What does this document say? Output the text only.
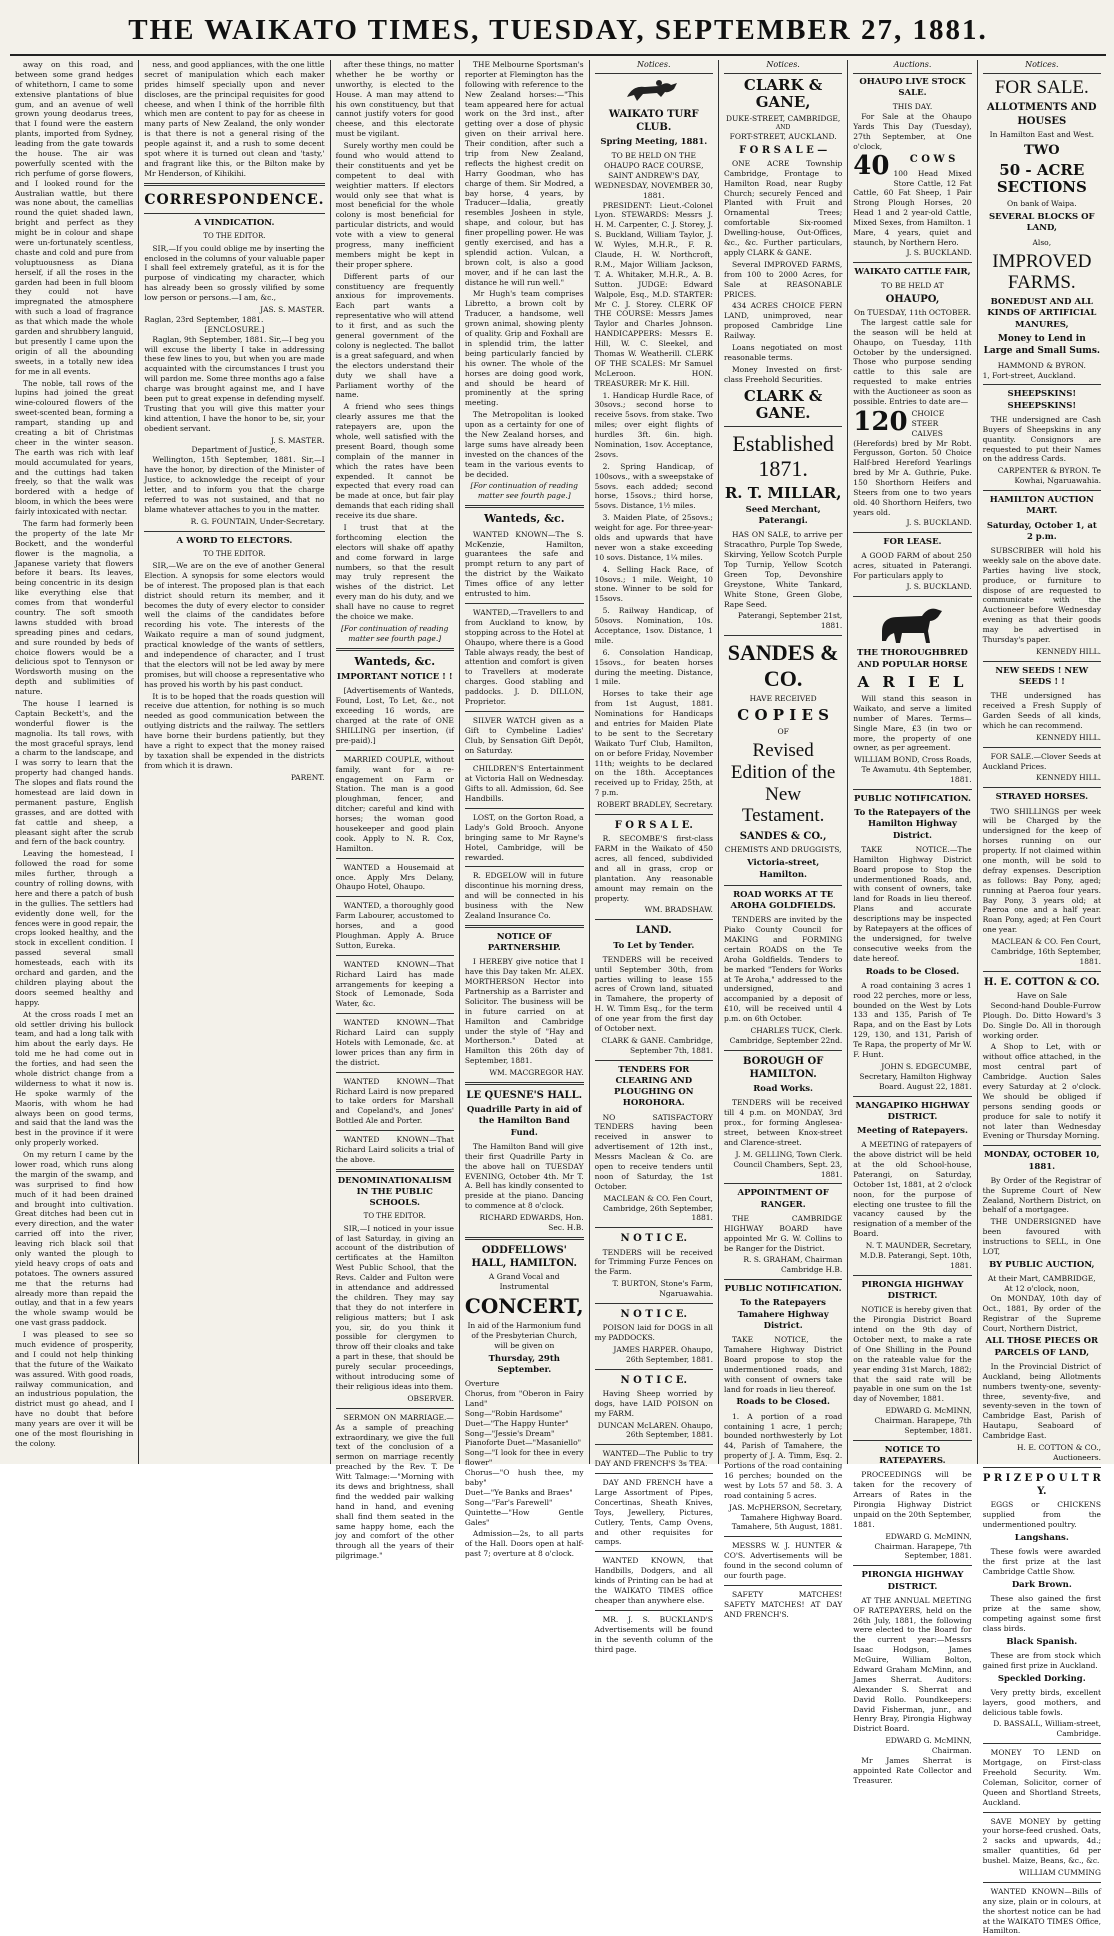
THE WAIKATO TIMES, TUESDAY, SEPTEMBER 27, 1881.

away on this road, and between some grand hedges of whitethorn, I came to some extensive plantations of blue gum, and an avenue of well grown young deodarus trees, that I found were the eastern plants, imported from Sydney, leading from the gate towards the house. The air was powerfully scented with the rich perfume of gorse flowers, and I looked round for the Australian wattle, but there was none about, the camellias round the quiet shaded lawn, bright and perfect as they might be in colour and shape were un-fortunately scentless, chaste and cold and pure from voluptuousness as Diana herself, if all the roses in the garden had been in full bloom they could not have impregnated the atmosphere with such a load of fragrance as that which made the whole garden and shrubbery languid, but presently I came upon the origin of all the abounding sweets, in a totally new idea for me in all events.

The noble, tall rows of the lupins had joined the great wine-coloured flowers of the sweet-scented bean, forming a rampart, standing up and creating a bit of Christmas cheer in the winter season. The earth was rich with leaf mould accumulated for years, and the cuttings had taken freely, so that the walk was bordered with a hedge of bloom, in which the bees were fairly intoxicated with nectar.

The farm had formerly been the property of the late Mr Bockett, and the wonderful flower is the magnolia, a Japanese variety that flowers before it bears. Its leaves, being concentric in its design like everything else that comes from that wonderful country. The soft smooth lawns studded with broad spreading pines and cedars, and sure rounded by beds of choice flowers would be a delicious spot to Tennyson or Wordsworth musing on the depth and sublimities of nature.

The house I learned is Captain Beckett's, and the wonderful flower is the magnolia. Its tall rows, with the most graceful sprays, lend a charm to the landscape, and I was sorry to learn that the property had changed hands. The slopes and flats round the homestead are laid down in permanent pasture, English grasses, and are dotted with fat cattle and sheep, a pleasant sight after the scrub and fern of the back country.

Leaving the homestead, I followed the road for some miles further, through a country of rolling downs, with here and there a patch of bush in the gullies. The settlers had evidently done well, for the fences were in good repair, the crops looked healthy, and the stock in excellent condition. I passed several small homesteads, each with its orchard and garden, and the children playing about the doors seemed healthy and happy.

At the cross roads I met an old settler driving his bullock team, and had a long talk with him about the early days. He told me he had come out in the forties, and had seen the whole district change from a wilderness to what it now is. He spoke warmly of the Maoris, with whom he had always been on good terms, and said that the land was the best in the province if it were only properly worked.

On my return I came by the lower road, which runs along the margin of the swamp, and was surprised to find how much of it had been drained and brought into cultivation. Great ditches had been cut in every direction, and the water carried off into the river, leaving rich black soil that only wanted the plough to yield heavy crops of oats and potatoes. The owners assured me that the returns had already more than repaid the outlay, and that in a few years the whole swamp would be one vast grass paddock.

I was pleased to see so much evidence of prosperity, and I could not help thinking that the future of the Waikato was assured. With good roads, railway communication, and an industrious population, the district must go ahead, and I have no doubt that before many years are over it will be one of the most flourishing in the colony.

ness, and good appliances, with the one little secret of manipulation which each maker prides himself specially upon and never discloses, are the principal requisites for good cheese, and when I think of the horrible filth which men are content to pay for as cheese in many parts of New Zealand, the only wonder is that there is not a general rising of the people against it, and a rush to some decent spot where it is turned out clean and 'tasty,' and fragrant like this, or the Bilton make by Mr Henderson, of Kihikihi.

CORRESPONDENCE.
A VINDICATION.
TO THE EDITOR.

SIR,—If you could oblige me by inserting the enclosed in the columns of your valuable paper I shall feel extremely grateful, as it is for the purpose of vindicating my character, which has already been so grossly vilified by some low person or persons.—I am, &c.,

JAS. S. MASTER.
Raglan, 23rd September, 1881.
[ENCLOSURE.]

Raglan, 9th September, 1881. Sir,—I beg you will excuse the liberty I take in addressing these few lines to you, but when you are made acquainted with the circumstances I trust you will pardon me. Some three months ago a false charge was brought against me, and I have been put to great expense in defending myself. Trusting that you will give this matter your kind attention, I have the honor to be, sir, your obedient servant.

J. S. MASTER.
Department of Justice,

Wellington, 15th September, 1881. Sir,—I have the honor, by direction of the Minister of Justice, to acknowledge the receipt of your letter, and to inform you that the charge referred to was not sustained, and that no blame whatever attaches to you in the matter.

R. G. FOUNTAIN, Under-Secretary.
A WORD TO ELECTORS.
TO THE EDITOR.

SIR,—We are on the eve of another General Election. A synopsis for some electors would be of interest. The proposed plan is that each district should return its member, and it becomes the duty of every elector to consider well the claims of the candidates before recording his vote. The interests of the Waikato require a man of sound judgment, practical knowledge of the wants of settlers, and independence of character, and I trust that the electors will not be led away by mere promises, but will choose a representative who has proved his worth by his past conduct.

It is to be hoped that the roads question will receive due attention, for nothing is so much needed as good communication between the outlying districts and the railway. The settlers have borne their burdens patiently, but they have a right to expect that the money raised by taxation shall be expended in the districts from which it is drawn.

PARENT.

after these things, no matter whether he be worthy or unworthy, is elected to the House. A man may attend to his own constituency, but that cannot justify voters for good cheese, and this electorate must be vigilant.

Surely worthy men could be found who would attend to their constituents and yet be competent to deal with weightier matters. If electors would only see that what is most beneficial for the whole colony is most beneficial for particular districts, and would vote with a view to general progress, many inefficient members might be kept in their proper sphere.

Different parts of our constituency are frequently anxious for improvements. Each part wants a representative who will attend to it first, and as such the general government of the colony is neglected. The ballot is a great safeguard, and when the electors understand their duty we shall have a Parliament worthy of the name.

A friend who sees things clearly assures me that the ratepayers are, upon the whole, well satisfied with the present Board, though some complain of the manner in which the rates have been expended. It cannot be expected that every road can be made at once, but fair play demands that each riding shall receive its due share.

I trust that at the forthcoming election the electors will shake off apathy and come forward in large numbers, so that the result may truly represent the wishes of the district. Let every man do his duty, and we shall have no cause to regret the choice we make.

[For continuation of reading matter see fourth page.]
Wanteds, &c.
IMPORTANT NOTICE ! !

[Advertisements of Wanteds, Found, Lost, To Let, &c., not exceeding 16 words, are charged at the rate of ONE SHILLING per insertion, (if pre-paid).]

MARRIED COUPLE, without family, want for a re-engagement on Farm or Station. The man is a good ploughman, fencer, and ditcher; careful and kind with horses; the woman good housekeeper and good plain cook. Apply to N. R. Cox, Hamilton.

WANTED a Housemaid at once. Apply Mrs Delany, Ohaupo Hotel, Ohaupo.

WANTED, a thoroughly good Farm Labourer, accustomed to horses, and a good Ploughman. Apply A. Bruce Sutton, Eureka.

WANTED KNOWN—That Richard Laird has made arrangements for keeping a Stock of Lemonade, Soda Water, &c.

WANTED KNOWN—That Richard Laird can supply Hotels with Lemonade, &c. at lower prices than any firm in the district.

WANTED KNOWN—That Richard Laird is now prepared to take orders for Marshall and Copeland's, and Jones' Bottled Ale and Porter.

WANTED KNOWN—That Richard Laird solicits a trial of the above.

DENOMINATIONALISM IN THE PUBLIC SCHOOLS.
TO THE EDITOR.

SIR,—I noticed in your issue of last Saturday, in giving an account of the distribution of certificates at the Hamilton West Public School, that the Revs. Calder and Fulton were in attendance and addressed the children. They may say that they do not interfere in religious matters; but I ask you, sir, do you think it possible for clergymen to throw off their cloaks and take a part in these, that should be purely secular proceedings, without introducing some of their religious ideas into them.

OBSERVER.

SERMON ON MARRIAGE.—As a sample of preaching extraordinary, we give the full text of the conclusion of a sermon on marriage recently preached by the Rev. T. De Witt Talmage:—"Morning with its dews and brightness, shall find the wedded pair walking hand in hand, and evening shall find them seated in the same happy home, each the joy and comfort of the other through all the years of their pilgrimage."

THE Melbourne Sportsman's reporter at Flemington has the following with reference to the New Zealand horses:—"This team appeared here for actual work on the 3rd inst., after getting over a dose of physic given on their arrival here. Their condition, after such a trip from New Zealand, reflects the highest credit on Harry Goodman, who has charge of them. Sir Modred, a bay horse, 4 years, by Traducer—Idalia, greatly resembles Josheen in style, shape, and colour, but has finer propelling power. He was gently exercised, and has a splendid action. Vulcan, a brown colt, is also a good mover, and if he can last the distance he will run well."

Mr Hugh's team comprises Libretto, a brown colt by Traducer, a handsome, well grown animal, showing plenty of quality. Grip and Foxhall are in splendid trim, the latter being particularly fancied by his owner. The whole of the horses are doing good work, and should be heard of prominently at the spring meeting.

The Metropolitan is looked upon as a certainty for one of the New Zealand horses, and large sums have already been invested on the chances of the team in the various events to be decided.

[For continuation of reading matter see fourth page.]
Wanteds, &c.

WANTED KNOWN—The S. McKenzie, Hamilton, guarantees the safe and prompt return to any part of the district by the Waikato Times office of any letter entrusted to him.

WANTED,—Travellers to and from Auckland to know, by stopping across to the Hotel at Ohaupo, where there is a Good Table always ready, the best of attention and comfort is given to Travellers at moderate charges. Good stabling and paddocks. J. D. DILLON, Proprietor.

SILVER WATCH given as a Gift to Cymbeline Ladies' Club, by Sensation Gift Depôt, on Saturday.

CHILDREN'S Entertainment at Victoria Hall on Wednesday. Gifts to all. Admission, 6d. See Handbills.

LOST, on the Gorton Road, a Lady's Gold Brooch. Anyone bringing same to Mr Rayne's Hotel, Cambridge, will be rewarded.

R. EDGELOW will in future discontinue his morning dress, and will be connected in his business with the New Zealand Insurance Co.

NOTICE OF PARTNERSHIP.

I HEREBY give notice that I have this Day taken Mr. ALEX. MORTHERSON Hector into Partnership as a Barrister and Solicitor. The business will be in future carried on at Hamilton and Cambridge under the style of "Hay and Mortherson." Dated at Hamilton this 26th day of September, 1881.

WM. MACGREGOR HAY.
LE QUESNE'S HALL.
Quadrille Party in aid of the Hamilton Band Fund.

The Hamilton Band will give their first Quadrille Party in the above hall on TUESDAY EVENING, October 4th. Mr T. A. Bell has kindly consented to preside at the piano. Dancing to commence at 8 o'clock.

RICHARD EDWARDS, Hon. Sec. H.B.
ODDFELLOWS' HALL, HAMILTON.
A Grand Vocal and Instrumental
CONCERT,
In aid of the Harmonium fund of the Presbyterian Church, will be given on
Thursday, 29th September.
Overture
Chorus, from "Oberon in Fairy Land"
Song—"Robin Hardsome"
Duet—"The Happy Hunter"
Song—"Jessie's Dream"
Pianoforte Duet—"Masaniello"
Song—"I look for thee in every flower"
Chorus—"O hush thee, my baby"
Duet—"Ye Banks and Braes"
Song—"Far's Farewell"
Quintette—"How Gentle Gales"

Admission—2s, to all parts of the Hall. Doors open at half-past 7; overture at 8 o'clock.

Notices.
WAIKATO TURF CLUB.
Spring Meeting, 1881.
TO BE HELD ON THE OHAUPO RACE COURSE,
SAINT ANDREW'S DAY, WEDNESDAY, NOVEMBER 30, 1881.

PRESIDENT: Lieut.-Colonel Lyon. STEWARDS: Messrs J. H. M. Carpenter, C. J. Storey, J. S. Buckland, William Taylor, J. W. Wyles, M.H.R., F. R. Claude, H. W. Northcroft, R.M., Major William Jackson, T. A. Whitaker, M.H.R., A. B. Sutton. JUDGE: Edward Walpole, Esq., M.D. STARTER: Mr C. J. Storey. CLERK OF THE COURSE: Messrs James Taylor and Charles Johnson. HANDICAPPERS: Messrs E. Hill, W. C. Sleekel, and Thomas W. Weatherill. CLERK OF THE SCALES: Mr Samuel McLeroon. HON. TREASURER: Mr K. Hill.

1. Handicap Hurdle Race, of 30sovs.; second horse to receive 5sovs. from stake. Two miles; over eight flights of hurdles 3ft. 6in. high. Nomination, 1sov. Acceptance, 2sovs.

2. Spring Handicap, of 100sovs., with a sweepstake of 5sovs. each added; second horse, 15sovs.; third horse, 5sovs. Distance, 1½ miles.

3. Maiden Plate, of 25sovs.; weight for age. For three-year-olds and upwards that have never won a stake exceeding 10 sovs. Distance, 1¼ miles.

4. Selling Hack Race, of 10sovs.; 1 mile. Weight, 10 stone. Winner to be sold for 15sovs.

5. Railway Handicap, of 50sovs. Nomination, 10s. Acceptance, 1sov. Distance, 1 mile.

6. Consolation Handicap, 15sovs., for beaten horses during the meeting. Distance, 1 mile.

Horses to take their age from 1st August, 1881. Nominations for Handicaps and entries for Maiden Plate to be sent to the Secretary Waikato Turf Club, Hamilton, on or before Friday, November 11th; weights to be declared on the 18th. Acceptances received up to Friday, 25th, at 7 p.m.

ROBERT BRADLEY, Secretary.
F O R S A L E.

R. SECOMBE'S first-class FARM in the Waikato of 450 acres, all fenced, subdivided and all in grass, crop or plantation. Any reasonable amount may remain on the property.

WM. BRADSHAW.
LAND.
To Let by Tender.

TENDERS will be received until September 30th, from parties willing to lease 155 acres of Crown land, situated in Tamahere, the property of H. W. Timm Esq., for the term of one year from the first day of October next.

CLARK & GANE. Cambridge, September 7th, 1881.
TENDERS FOR CLEARING AND PLOUGHING ON HOROHORA.

NO SATISFACTORY TENDERS having been received in answer to advertisement of 12th inst., Messrs Maclean & Co. are open to receive tenders until noon of Saturday, the 1st October.

MACLEAN & CO. Fen Court, Cambridge, 26th September, 1881.
N O T I C E.

TENDERS will be received for Trimming Furze Fences on the Farm.

T. BURTON, Stone's Farm, Ngaruawahia.
N O T I C E.

POISON laid for DOGS in all my PADDOCKS.

JAMES HARPER. Ohaupo, 26th September, 1881.
N O T I C E.

Having Sheep worried by dogs, have LAID POISON on my FARM.

DUNCAN McLAREN. Ohaupo, 26th September, 1881.

WANTED—The Public to try DAY AND FRENCH'S 3s TEA.

DAY AND FRENCH have a Large Assortment of Pipes, Concertinas, Sheath Knives, Toys, Jewellery, Pictures, Cutlery, Tents, Camp Ovens, and other requisites for camps.

WANTED KNOWN, that Handbills, Dodgers, and all kinds of Printing can be had at the WAIKATO TIMES office cheaper than anywhere else.

MR. J. S. BUCKLAND'S Advertisements will be found in the seventh column of the third page.

Notices.
CLARK & GANE,
DUKE-STREET, CAMBRIDGE,
AND
FORT-STREET, AUCKLAND.
F O R S A L E —

ONE ACRE Township Cambridge, Frontage to Hamilton Road, near Rugby Church; securely Fenced and Planted with Fruit and Ornamental Trees; comfortable Six-roomed Dwelling-house, Out-Offices, &c., &c. Further particulars, apply CLARK & GANE.

Several IMPROVED FARMS, from 100 to 2000 Acres, for Sale at REASONABLE PRICES.

434 ACRES CHOICE FERN LAND, unimproved, near proposed Cambridge Line Railway.

Loans negotiated on most reasonable terms.

Money Invested on first-class Freehold Securities.

CLARK & GANE.
Established 1871.
R. T. MILLAR,
Seed Merchant, Paterangi.

HAS ON SALE, to arrive per Stracathro, Purple Top Swede, Skirving, Yellow Scotch Purple Top Turnip, Yellow Scotch Green Top, Devonshire Greystone, White Tankard, White Stone, Green Globe, Rape Seed.

Paterangi, September 21st, 1881.
SANDES & CO.
HAVE RECEIVED
C O P I E S
OF
Revised Edition of the New Testament.
SANDES & CO.,
CHEMISTS AND DRUGGISTS,
Victoria-street, Hamilton.
ROAD WORKS AT TE AROHA GOLDFIELDS.

TENDERS are invited by the Piako County Council for MAKING and FORMING certain ROADS on the Te Aroha Goldfields. Tenders to be marked "Tenders for Works at Te Aroha," addressed to the undersigned, and accompanied by a deposit of £10, will be received until 4 p.m. on 6th October.

CHARLES TUCK, Clerk. Cambridge, September 22nd.
BOROUGH OF HAMILTON.
Road Works.

TENDERS will be received till 4 p.m. on MONDAY, 3rd prox., for forming Anglesea-street, between Knox-street and Clarence-street.

J. M. GELLING, Town Clerk. Council Chambers, Sept. 23, 1881.
APPOINTMENT OF RANGER.

THE CAMBRIDGE HIGHWAY BOARD have appointed Mr G. W. Collins to be Ranger for the District.

R. S. GRAHAM, Chairman Cambridge H.B.
PUBLIC NOTIFICATION.
To the Ratepayers Tamahere Highway District.

TAKE NOTICE, the Tamahere Highway District Board propose to stop the undermentioned roads, and with consent of owners take land for roads in lieu thereof.

Roads to be Closed.

1. A portion of a road containing 1 acre, 1 perch; bounded northwesterly by Lot 44, Parish of Tamahere, the property of J. A. Timm, Esq. 2. Portions of the road containing 16 perches; bounded on the west by Lots 57 and 58. 3. A road containing 5 acres.

JAS. McPHERSON, Secretary, Tamahere Highway Board. Tamahere, 5th August, 1881.

MESSRS W. J. HUNTER & CO'S. Advertisements will be found in the second column of our fourth page.

SAFETY MATCHES! SAFETY MATCHES! AT DAY AND FRENCH'S.

Auctions.
OHAUPO LIVE STOCK SALE.
THIS DAY.

For Sale at the Ohaupo Yards This Day (Tuesday), 27th September, at One o'clock,

40	C O W S
100 Head Mixed Store Cattle, 12 Fat Cattle, 60 Fat Sheep, 1 Pair Strong Plough Horses, 20 Head 1 and 2 year-old Cattle, Mixed Sexes, from Hamilton. 1 Mare, 4 years, quiet and staunch, by Northern Hero.
J. S. BUCKLAND.
WAIKATO CATTLE FAIR,
TO BE HELD AT
OHAUPO,
On TUESDAY, 11th OCTOBER.

The largest cattle sale for the season will be held at Ohaupo, on Tuesday, 11th October by the undersigned. Those who purpose sending cattle to this sale are requested to make entries with the Auctioneer as soon as possible. Entries to date are—

120 CHOICE STEER CALVES (Herefords) bred by Mr Robt. Fergusson, Gorton. 50 Choice Half-bred Hereford Yearlings bred by Mr A. Guthrie, Puke. 150 Shorthorn Heifers and Steers from one to two years old. 40 Shorthorn Heifers, two years old.
J. S. BUCKLAND.
FOR LEASE.

A GOOD FARM of about 250 acres, situated in Paterangi. For particulars apply to

J. S. BUCKLAND.
THE THOROUGHBRED AND POPULAR HORSE
A R I E L

Will stand this season in Waikato, and serve a limited number of Mares. Terms—Single Mare, £3 (in two or more, the property of one owner, as per agreement.

WILLIAM BOND, Cross Roads, Te Awamutu. 4th September, 1881.
PUBLIC NOTIFICATION.
To the Ratepayers of the Hamilton Highway District.

TAKE NOTICE.—The Hamilton Highway District Board propose to Stop the undermentioned Roads, and, with consent of owners, take land for Roads in lieu thereof. Plans and accurate descriptions may be inspected by Ratepayers at the offices of the undersigned, for twelve consecutive weeks from the date hereof.

Roads to be Closed.

A road containing 3 acres 1 rood 22 perches, more or less, bounded on the West by Lots 133 and 135, Parish of Te Rapa, and on the East by Lots 129, 130, and 131, Parish of Te Rapa, the property of Mr W. F. Hunt.

JOHN S. EDGECUMBE, Secretary, Hamilton Highway Board. August 22, 1881.
MANGAPIKO HIGHWAY DISTRICT.
Meeting of Ratepayers.

A MEETING of ratepayers of the above district will be held at the old School-house, Paterangi, on Saturday, October 1st, 1881, at 2 o'clock noon, for the purpose of electing one trustee to fill the vacancy caused by the resignation of a member of the Board.

N. T. MAUNDER, Secretary, M.D.B. Paterangi, Sept. 10th, 1881.
PIRONGIA HIGHWAY DISTRICT.

NOTICE is hereby given that the Pirongia District Board intend on the 9th day of October next, to make a rate of One Shilling in the Pound on the rateable value for the year ending 31st March, 1882; that the said rate will be payable in one sum on the 1st day of November, 1881.

EDWARD G. McMINN, Chairman. Harapepe, 7th September, 1881.
NOTICE TO RATEPAYERS.

PROCEEDINGS will be taken for the recovery of Arrears of Rates in the Pirongia Highway District unpaid on the 20th September, 1881.

EDWARD G. McMINN, Chairman. Harapepe, 7th September, 1881.
PIRONGIA HIGHWAY DISTRICT.

AT THE ANNUAL MEETING OF RATEPAYERS, held on the 26th July, 1881, the following were elected to the Board for the current year:—Messrs Isaac Hodgson, James McGuire, William Bolton, Edward Graham McMinn, and James Sherrat. Auditors: Alexander S. Sherrat and David Rollo. Poundkeepers: David Fisherman, junr., and Henry Bray, Pirongia Highway District Board.

EDWARD G. McMINN, Chairman.

Mr James Sherrat is appointed Rate Collector and Treasurer.

Notices.
FOR SALE.
ALLOTMENTS AND HOUSES
In Hamilton East and West.
TWO
50 - ACRE SECTIONS
On bank of Waipa.
SEVERAL BLOCKS OF LAND,
Also,
IMPROVED FARMS.
BONEDUST AND ALL KINDS OF ARTIFICIAL MANURES,
Money to Lend in Large and Small Sums.
HAMMOND & BYRON.
1, Fort-street, Auckland.
SHEEPSKINS! SHEEPSKINS!

THE undersigned are Cash Buyers of Sheepskins in any quantity. Consignors are requested to put their Names on the address Cards.

CARPENTER & BYRON. Te Kowhai, Ngaruawahia.
HAMILTON AUCTION MART.
Saturday, October 1, at 2 p.m.

SUBSCRIBER will hold his weekly sale on the above date. Parties having live stock, produce, or furniture to dispose of are requested to communicate with the Auctioneer before Wednesday evening as that their goods may be advertised in Thursday's paper.

KENNEDY HILL.
NEW SEEDS ! NEW SEEDS ! !

THE undersigned has received a Fresh Supply of Garden Seeds of all kinds, which he can recommend.

KENNEDY HILL.

FOR SALE.—Clover Seeds at Auckland Prices.

KENNEDY HILL.
STRAYED HORSES.

TWO SHILLINGS per week will be Charged by the undersigned for the keep of horses running on our property. If not claimed within one month, will be sold to defray expenses. Description as follows: Bay Pony, aged; running at Paeroa four years. Bay Pony, 3 years old; at Paeroa one and a half year. Roan Pony, aged; at Fen Court one year.

MACLEAN & CO. Fen Court, Cambridge, 16th September, 1881.
H. E. COTTON & CO.
Have on Sale

Second-hand Double-Furrow Plough. Do. Ditto Howard's 3 Do. Single Do. All in thorough working order.

A Shop to Let, with or without office attached, in the most central part of Cambridge. Auction Sales every Saturday at 2 o'clock. We should be obliged if persons sending goods or produce for sale to notify it not later than Wednesday Evening or Thursday Morning.

MONDAY, OCTOBER 10, 1881.

By Order of the Registrar of the Supreme Court of New Zealand, Northern District, on behalf of a mortgagee.

THE UNDERSIGNED have been favoured with instructions to SELL, in One LOT,

BY PUBLIC AUCTION,
At their Mart, CAMBRIDGE,
At 12 o'clock, noon,

On MONDAY, 10th day of Oct., 1881, By order of the Registrar of the Supreme Court, Northern District,

ALL THOSE PIECES OR PARCELS OF LAND,

In the Provincial District of Auckland, being Allotments numbers twenty-one, seventy-three, seventy-five, and seventy-seven in the town of Cambridge East, Parish of Hautapu, Seaboard of Cambridge East.

H. E. COTTON & CO., Auctioneers.
P R I Z E P O U L T R Y.

EGGS or CHICKENS supplied from the undermentioned poultry.

Langshans.

These fowls were awarded the first prize at the last Cambridge Cattle Show.

Dark Brown.

These also gained the first prize at the same show, competing against some first class birds.

Black Spanish.

These are from stock which gained first prize in Auckland.

Speckled Dorking.

Very pretty birds, excellent layers, good mothers, and delicious table fowls.

D. BASSALL, William-street, Cambridge.

MONEY TO LEND on Mortgage, on First-class Freehold Security. Wm. Coleman, Solicitor, corner of Queen and Shortland Streets, Auckland.

SAVE MONEY by getting your horse-feed crushed. Oats, 2 sacks and upwards, 4d.; smaller quantities, 6d per bushel. Maize, Beans, &c., &c.

WILLIAM CUMMING

WANTED KNOWN—Bills of any size, plain or in colours, at the shortest notice can be had at the WAIKATO TIMES Office, Hamilton.
